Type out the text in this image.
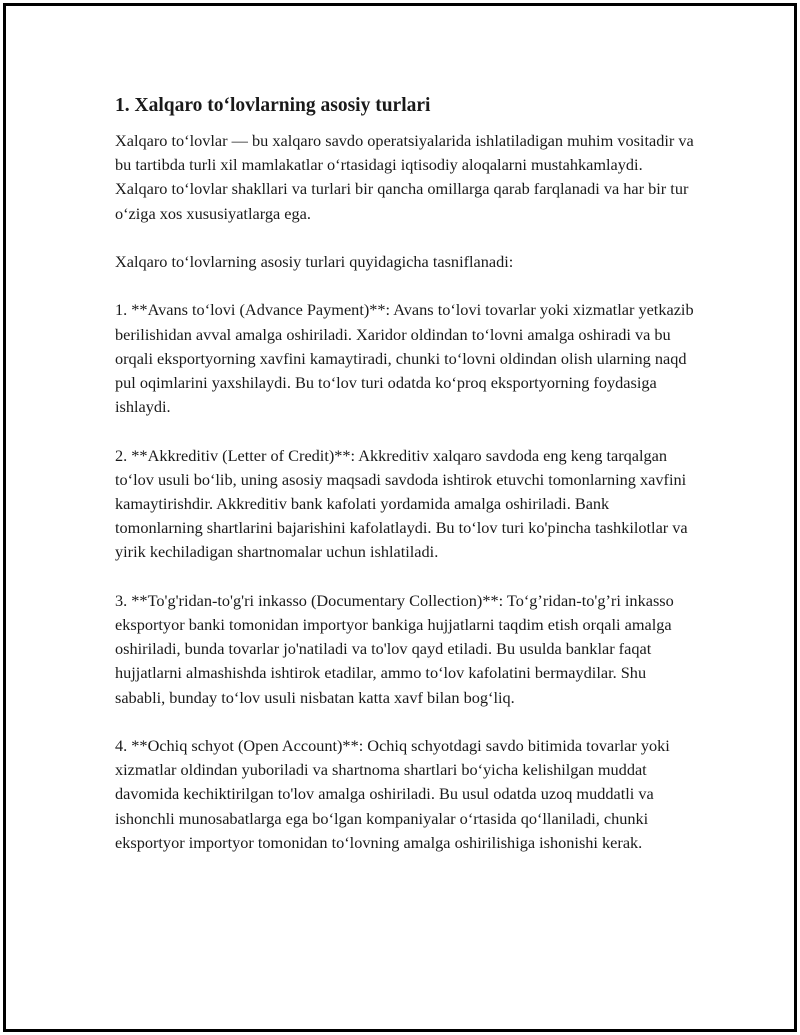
1. Xalqaro to‘lovlarning asosiy turlari

Xalqaro to‘lovlar — bu xalqaro savdo operatsiyalarida ishlatiladigan muhim vositadir va bu tartibda turli xil mamlakatlar o‘rtasidagi iqtisodiy aloqalarni mustahkamlaydi. Xalqaro to‘lovlar shakllari va turlari bir qancha omillarga qarab farqlanadi va har bir tur o‘ziga xos xususiyatlarga ega.

Xalqaro to‘lovlarning asosiy turlari quyidagicha tasniflanadi:

1. **Avans to‘lovi (Advance Payment)**: Avans to‘lovi tovarlar yoki xizmatlar yetkazib berilishidan avval amalga oshiriladi. Xaridor oldindan to‘lovni amalga oshiradi va bu orqali eksportyorning xavfini kamaytiradi, chunki to‘lovni oldindan olish ularning naqd pul oqimlarini yaxshilaydi. Bu to‘lov turi odatda ko‘proq eksportyorning foydasiga ishlaydi.

2. **Akkreditiv (Letter of Credit)**: Akkreditiv xalqaro savdoda eng keng tarqalgan to‘lov usuli bo‘lib, uning asosiy maqsadi savdoda ishtirok etuvchi tomonlarning xavfini kamaytirishdir. Akkreditiv bank kafolati yordamida amalga oshiriladi. Bank tomonlarning shartlarini bajarishini kafolatlaydi. Bu to‘lov turi ko'pincha tashkilotlar va yirik kechiladigan shartnomalar uchun ishlatiladi.

3. **To'g'ridan-to'g'ri inkasso (Documentary Collection)**: To‘g’ridan-to'g’ri inkasso eksportyor banki tomonidan importyor bankiga hujjatlarni taqdim etish orqali amalga oshiriladi, bunda tovarlar jo'natiladi va to'lov qayd etiladi. Bu usulda banklar faqat hujjatlarni almashishda ishtirok etadilar, ammo to‘lov kafolatini bermaydilar. Shu sababli, bunday to‘lov usuli nisbatan katta xavf bilan bog‘liq.

4. **Ochiq schyot (Open Account)**: Ochiq schyotdagi savdo bitimida tovarlar yoki xizmatlar oldindan yuboriladi va shartnoma shartlari bo‘yicha kelishilgan muddat davomida kechiktirilgan to'lov amalga oshiriladi. Bu usul odatda uzoq muddatli va ishonchli munosabatlarga ega bo‘lgan kompaniyalar o‘rtasida qo‘llaniladi, chunki eksportyor importyor tomonidan to‘lovning amalga oshirilishiga ishonishi kerak.
